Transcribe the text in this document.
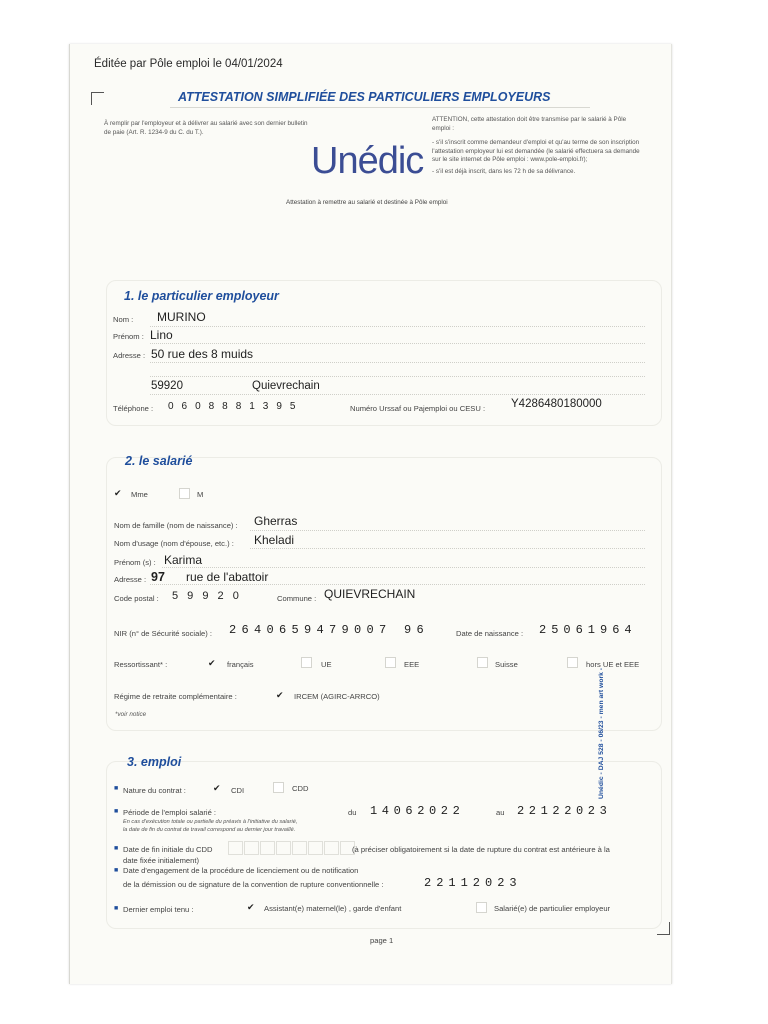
Éditée par Pôle emploi le 04/01/2024
ATTESTATION SIMPLIFIÉE DES PARTICULIERS EMPLOYEURS
À remplir par l'employeur et à délivrer au salarié avec son dernier bulletin de paie (Art. R. 1234-9 du C. du T.).
Unédic
ATTENTION, cette attestation doit être transmise par le salarié à Pôle emploi :
- s'il s'inscrit comme demandeur d'emploi et qu'au terme de son inscription l'attestation employeur lui est demandée (le salarié effectuera sa demande sur le site internet de Pôle emploi : www.pole-emploi.fr);
- s'il est déjà inscrit, dans les 72 h de sa délivrance.
Attestation à remettre au salarié et destinée à Pôle emploi
1. le particulier employeur
Nom : MURINO
Prénom : Lino
Adresse : 50 rue des 8 muids
59920	Quievrechain
Téléphone : 0 6 0 8 8 8 1 3 9 5	Numéro Urssaf ou Pajemploi ou CESU : Y4286480180000
2. le salarié
✔ Mme	M
Nom de famille (nom de naissance) : Gherras
Nom d'usage (nom d'épouse, etc.) : Kheladi
Prénom (s) : Karima
Adresse : 97 rue de l'abattoir
Code postal : 5 9 9 2 0	Commune : QUIEVRECHAIN
NIR (n° de Sécurité sociale) : 2640659479007 96	Date de naissance : 25061964
Ressortissant* :	✔ français	UE	EEE	Suisse	hors UE et EEE
Régime de retraite complémentaire :	✔ IRCEM (AGIRC-ARRCO)
*voir notice
3. emploi
■ Nature du contrat :	✔ CDI	CDD
■ Période de l'emploi salarié :
En cas d'exécution totale ou partielle du préavis à l'initiative du salarié,
la date de fin du contrat de travail correspond au dernier jour travaillé.
du 14062022	au 22122023
■ Date de fin initiale du CDD	(à préciser obligatoirement si la date de rupture du contrat est antérieure à la
date fixée initialement)
■ Date d'engagement de la procédure de licenciement ou de notification
de la démission ou de signature de la convention de rupture conventionnelle :	22112023
■ Dernier emploi tenu :	✔ Assistant(e) maternel(le) , garde d'enfant	Salarié(e) de particulier employeur
page 1
Unédic - DAJ 528 - 06/23 - men art work -
